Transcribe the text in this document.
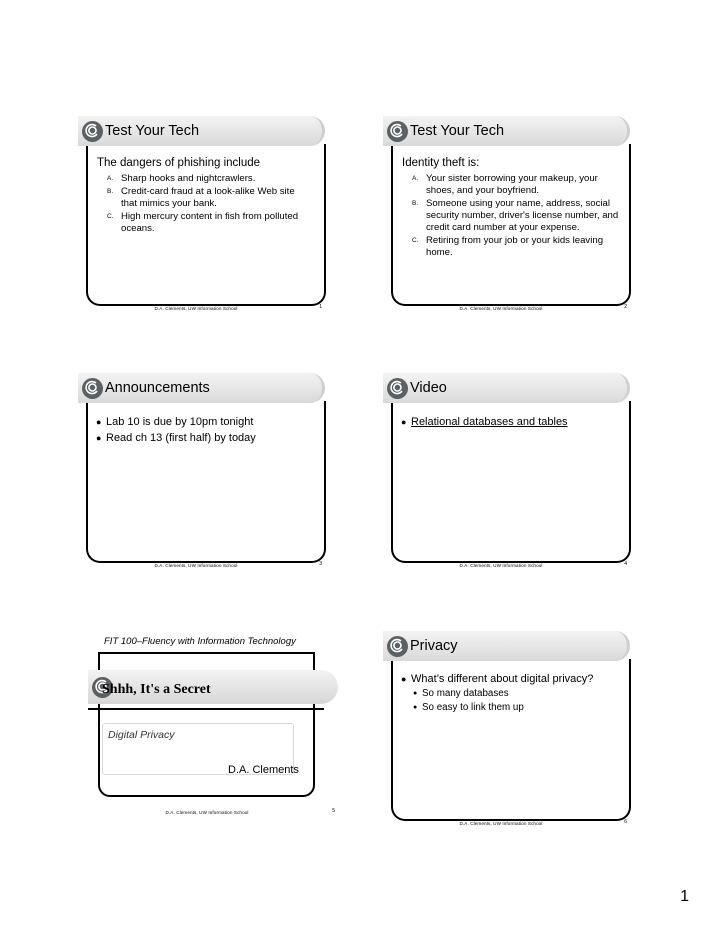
Test Your Tech
The dangers of phishing include
A. Sharp hooks and nightcrawlers.
B. Credit-card fraud at a look-alike Web site that mimics your bank.
C. High mercury content in fish from polluted oceans.
D.A. Clements, UW Information School	1
Test Your Tech
Identity theft is:
A. Your sister borrowing your makeup, your shoes, and your boyfriend.
B. Someone using your name, address, social security number, driver's license number, and credit card number at your expense.
C. Retiring from your job or your kids leaving home.
D.A. Clements, UW Information School	2
Announcements
● Lab 10 is due by 10pm tonight
● Read ch 13 (first half) by today
D.A. Clements, UW Information School	3
Video
● Relational databases and tables
D.A. Clements, UW Information School	4
FIT 100–Fluency with Information Technology
Shhh, It's a Secret
Digital Privacy
D.A. Clements
D.A. Clements, UW Information School	5
Privacy
● What’s different about digital privacy?
● So many databases
● So easy to link them up
D.A. Clements, UW Information School	6
1
